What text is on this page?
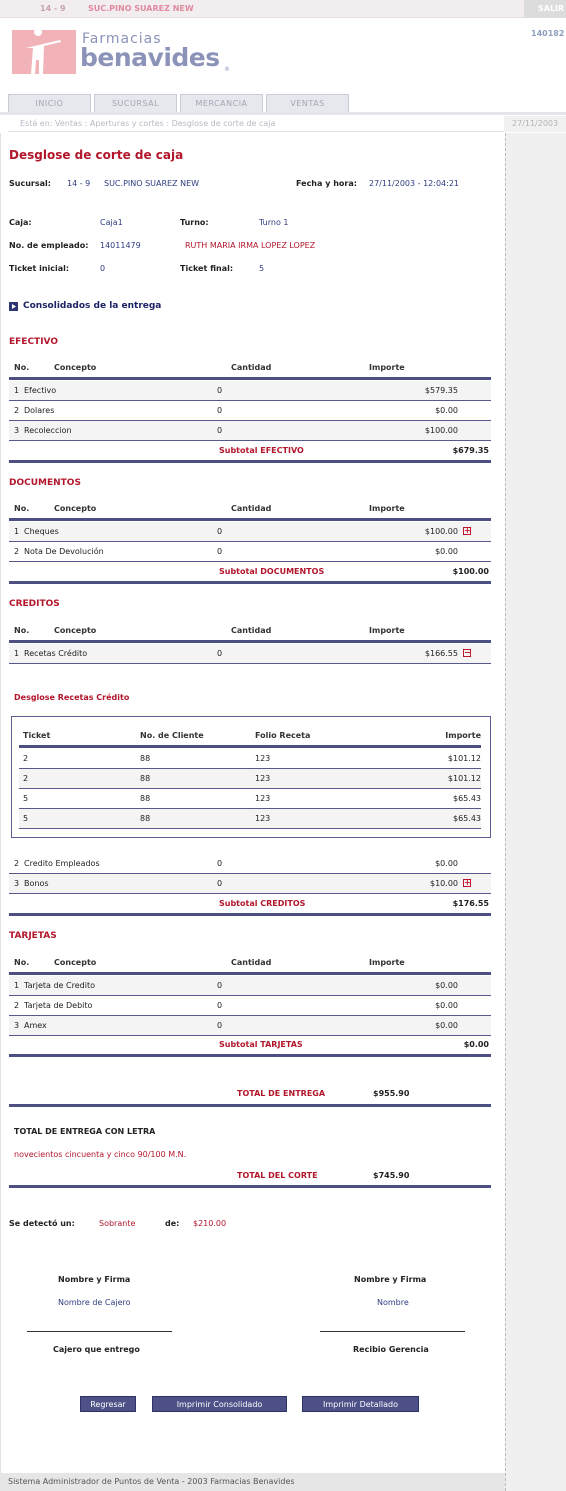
14 - 9	SUC.PINO SUAREZ NEW	SALIR
140182
Farmacias
benavides ®
INICIO	SUCURSAL	MERCANCIA	VENTAS
Está en: Ventas : Aperturas y cortes : Desglose de corte de caja	27/11/2003
Desglose de corte de caja
Sucursal: 14 - 9 SUC.PINO SUAREZ NEW	Fecha y hora: 27/11/2003 - 12:04:21
Caja:	Caja1	Turno:	Turno 1
No. de empleado: 14011479	RUTH MARIA IRMA LOPEZ LOPEZ
Ticket inicial:	0	Ticket final:	5
Consolidados de la entrega
EFECTIVO
No.	Concepto	Cantidad	Importe
1 Efectivo	0	$579.35
2 Dolares	0	$0.00
3 Recoleccion	0	$100.00
Subtotal EFECTIVO	$679.35
DOCUMENTOS
No.	Concepto	Cantidad	Importe
1 Cheques	0	$100.00 +
2 Nota De Devolución	0	$0.00
Subtotal DOCUMENTOS	$100.00
CREDITOS
No.	Concepto	Cantidad	Importe
1 Recetas Crédito	0	$166.55 −
Desglose Recetas Crédito
Ticket	No. de Cliente	Folio Receta	Importe
2	88	123	$101.12
2	88	123	$101.12
5	88	123	$65.43
5	88	123	$65.43
2 Credito Empleados	0	$0.00
3 Bonos	0	$10.00 +
Subtotal CREDITOS	$176.55
TARJETAS
No.	Concepto	Cantidad	Importe
1 Tarjeta de Credito	0	$0.00
2 Tarjeta de Debito	0	$0.00
3 Amex	0	$0.00
Subtotal TARJETAS	$0.00
TOTAL DE ENTREGA	$955.90
TOTAL DE ENTREGA CON LETRA
novecientos cincuenta y cinco 90/100 M.N.
TOTAL DEL CORTE	$745.90
Se detectó un:	Sobrante	de: $210.00
Nombre y Firma
Nombre de Cajero
Cajero que entrego
Nombre y Firma
Nombre
Recibio Gerencia
Regresar	Imprimir Consolidado	Imprimir Detallado
Sistema Administrador de Puntos de Venta - 2003 Farmacias Benavides
